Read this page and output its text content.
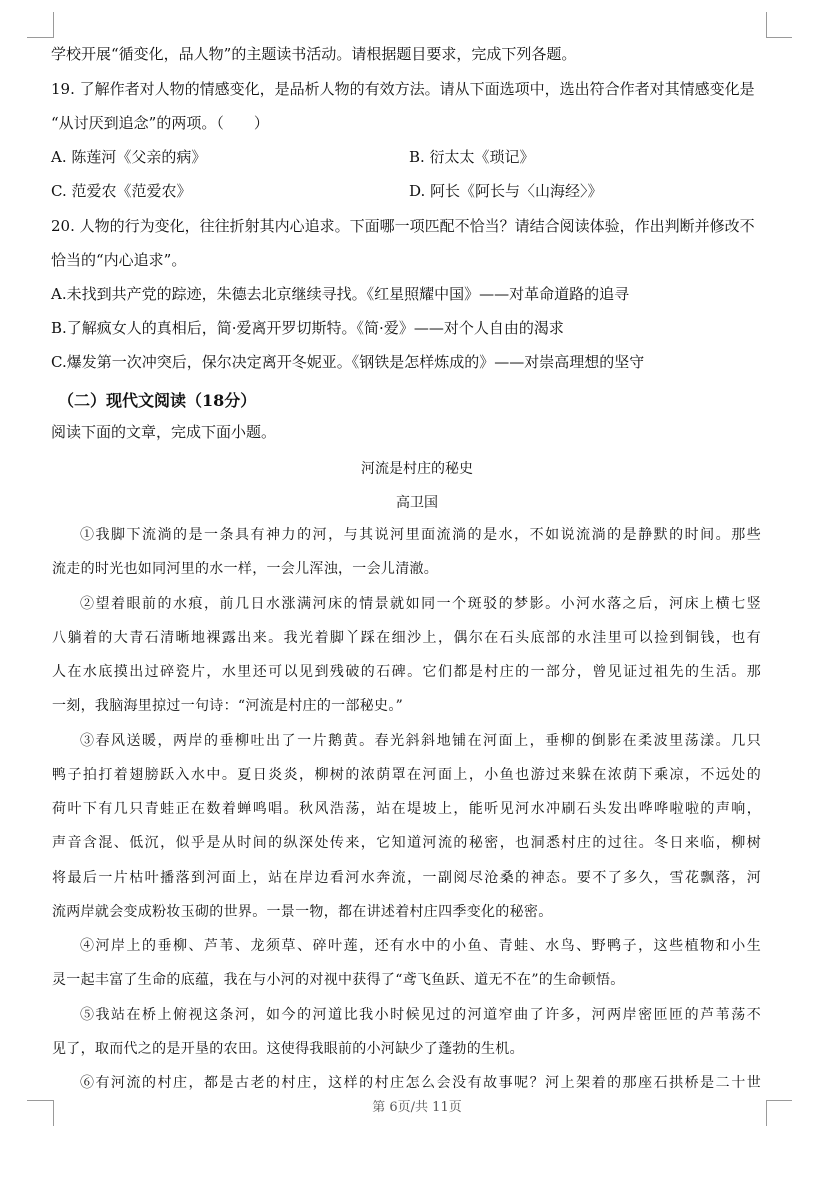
学校开展“循变化，品人物”的主题读书活动。请根据题目要求，完成下列各题。
19. 了解作者对人物的情感变化，是品析人物的有效方法。请从下面选项中，选出符合作者对其情感变化是
“从讨厌到追念”的两项。（　　）
A. 陈莲河《父亲的病》	B. 衍太太《琐记》
C. 范爱农《范爱农》	D. 阿长《阿长与〈山海经〉》
20. 人物的行为变化，往往折射其内心追求。下面哪一项匹配不恰当？请结合阅读体验，作出判断并修改不
恰当的“内心追求”。
A.未找到共产党的踪迹，朱德去北京继续寻找。《红星照耀中国》——对革命道路的追寻
B.了解疯女人的真相后，简·爱离开罗切斯特。《简·爱》——对个人自由的渴求
C.爆发第一次冲突后，保尔决定离开冬妮亚。《钢铁是怎样炼成的》——对崇高理想的坚守
（二）现代文阅读（18分）
阅读下面的文章，完成下面小题。
河流是村庄的秘史
高卫国
①我脚下流淌的是一条具有神力的河，与其说河里面流淌的是水，不如说流淌的是静默的时间。那些
流走的时光也如同河里的水一样，一会儿浑浊，一会儿清澈。
②望着眼前的水痕，前几日水涨满河床的情景就如同一个斑驳的梦影。小河水落之后，河床上横七竖
八躺着的大青石清晰地裸露出来。我光着脚丫踩在细沙上，偶尔在石头底部的水洼里可以捡到铜钱，也有
人在水底摸出过碎瓷片，水里还可以见到残破的石碑。它们都是村庄的一部分，曾见证过祖先的生活。那
一刻，我脑海里掠过一句诗：“河流是村庄的一部秘史。”
③春风送暖，两岸的垂柳吐出了一片鹅黄。春光斜斜地铺在河面上，垂柳的倒影在柔波里荡漾。几只
鸭子拍打着翅膀跃入水中。夏日炎炎，柳树的浓荫罩在河面上，小鱼也游过来躲在浓荫下乘凉，不远处的
荷叶下有几只青蛙正在数着蝉鸣唱。秋风浩荡，站在堤坡上，能听见河水冲刷石头发出哗哗啦啦的声响，
声音含混、低沉，似乎是从时间的纵深处传来，它知道河流的秘密，也洞悉村庄的过往。冬日来临，柳树
将最后一片枯叶播落到河面上，站在岸边看河水奔流，一副阅尽沧桑的神态。要不了多久，雪花飘落，河
流两岸就会变成粉妆玉砌的世界。一景一物，都在讲述着村庄四季变化的秘密。
④河岸上的垂柳、芦苇、龙须草、碎叶莲，还有水中的小鱼、青蛙、水鸟、野鸭子，这些植物和小生
灵一起丰富了生命的底蕴，我在与小河的对视中获得了“鸢飞鱼跃、道无不在”的生命顿悟。
⑤我站在桥上俯视这条河，如今的河道比我小时候见过的河道窄曲了许多，河两岸密匝匝的芦苇荡不
见了，取而代之的是开垦的农田。这使得我眼前的小河缺少了蓬勃的生机。
⑥有河流的村庄，都是古老的村庄，这样的村庄怎么会没有故事呢？河上架着的那座石拱桥是二十世
第 6页/共 11页
